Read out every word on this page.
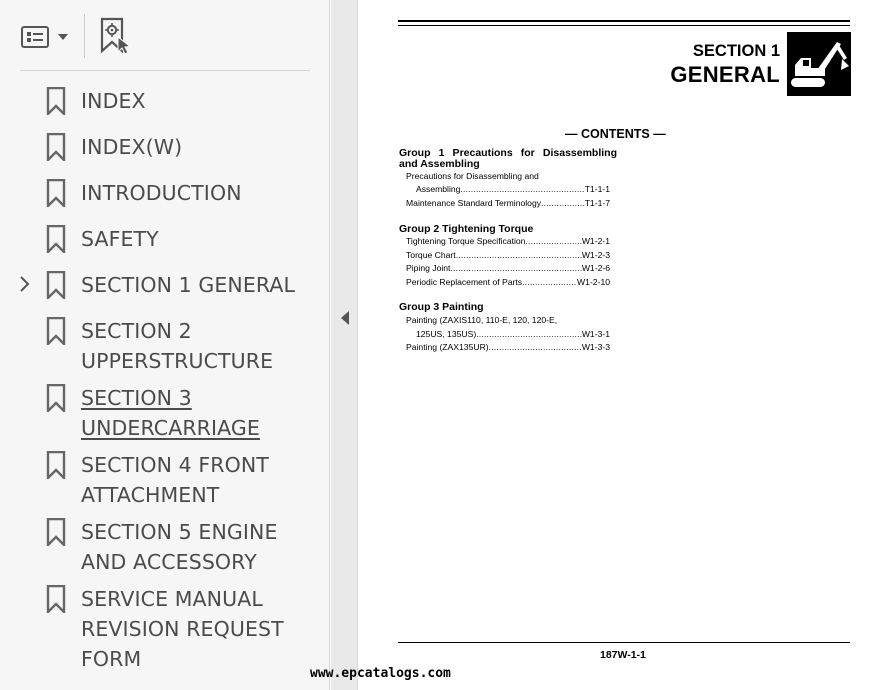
INDEX
INDEX(W)
INTRODUCTION
SAFETY
SECTION 1 GENERAL
SECTION 2 UPPERSTRUCTURE
SECTION 3 UNDERCARRIAGE
SECTION 4 FRONT ATTACHMENT
SECTION 5 ENGINE AND ACCESSORY
SERVICE MANUAL REVISION REQUEST FORM
SECTION 1
GENERAL
— CONTENTS —
Group 1 Precautions for Disassembling and Assembling
Precautions for Disassembling and
Assembling .....	T1-1-1
Maintenance Standard Terminology .....	T1-1-7
Group 2 Tightening Torque
Tightening Torque Specification .....	W1-2-1
Torque Chart .....	W1-2-3
Piping Joint .....	W1-2-6
Periodic Replacement of Parts .....	W1-2-10
Group 3 Painting
Painting (ZAXIS110, 110-E, 120, 120-E,
125US, 135US) .....	W1-3-1
Painting (ZAX135UR) .....	W1-3-3
187W-1-1
www.epcatalogs.com
